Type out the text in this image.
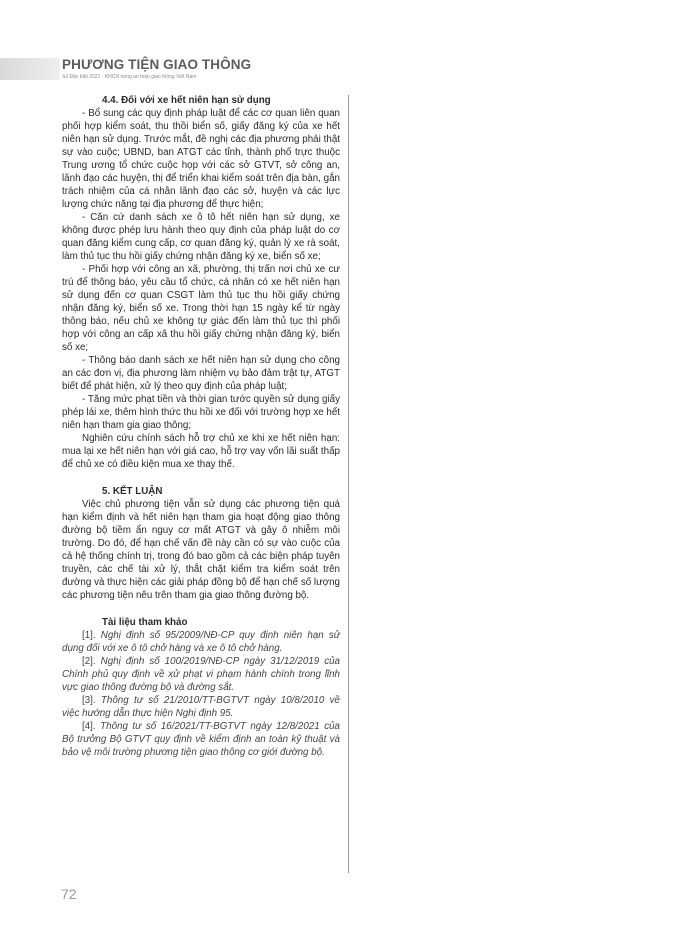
PHƯƠNG TIỆN GIAO THÔNG
Số Đặc biệt 2021 - KHCN trong an toàn giao thông Việt Nam

4.4. Đối với xe hết niên hạn sử dụng

- Bổ sung các quy định pháp luật để các cơ quan liên quan phối hợp kiểm soát, thu thồi biển số, giấy đăng ký của xe hết niên hạn sử dụng. Trước mắt, đề nghị các địa phương phải thật sự vào cuộc; UBND, ban ATGT các tỉnh, thành phố trực thuộc Trung ương tổ chức cuộc họp với các sở GTVT, sở công an, lãnh đạo các huyện, thị để triển khai kiểm soát trên địa bàn, gắn trách nhiệm của cá nhân lãnh đạo các sở, huyện và các lực lượng chức năng tại địa phương để thực hiện;

- Căn cứ danh sách xe ô tô hết niên hạn sử dụng, xe không được phép lưu hành theo quy định của pháp luật do cơ quan đăng kiểm cung cấp, cơ quan đăng ký, quản lý xe rà soát, làm thủ tục thu hồi giấy chứng nhận đăng ký xe, biển số xe;

- Phối hợp với công an xã, phường, thị trấn nơi chủ xe cư trú để thông báo, yêu cầu tổ chức, cá nhân có xe hết niên hạn sử dụng đến cơ quan CSGT làm thủ tục thu hồi giấy chứng nhận đăng ký, biển số xe. Trong thời hạn 15 ngày kể từ ngày thông báo, nếu chủ xe không tự giác đến làm thủ tục thì phối hợp với công an cấp xã thu hồi giấy chứng nhận đăng ký, biển số xe;

- Thông báo danh sách xe hết niên hạn sử dụng cho công an các đơn vị, địa phương làm nhiệm vụ bảo đảm trật tự, ATGT biết để phát hiện, xử lý theo quy định của pháp luật;

- Tăng mức phạt tiền và thời gian tước quyền sử dụng giấy phép lái xe, thêm hình thức thu hồi xe đối với trường hợp xe hết niên hạn tham gia giao thông;

Nghiên cứu chính sách hỗ trợ chủ xe khi xe hết niên hạn: mua lại xe hết niên hạn với giá cao, hỗ trợ vay vốn lãi suất thấp để chủ xe có điều kiện mua xe thay thế.

5. KẾT LUẬN

Việc chủ phương tiện vẫn sử dụng các phương tiện quá hạn kiểm định và hết niên hạn tham gia hoạt động giao thông đường bộ tiềm ẩn nguy cơ mất ATGT và gây ô nhiễm môi trường. Do đó, để hạn chế vấn đề này cần có sự vào cuộc của cả hệ thống chính trị, trong đó bao gồm cả các biện pháp tuyên truyền, các chế tài xử lý, thắt chặt kiểm tra kiểm soát trên đường và thực hiện các giải pháp đồng bộ để hạn chế số lượng các phương tiện nêu trên tham gia giao thông đường bộ.

Tài liệu tham khảo

[1]. Nghị định số 95/2009/NĐ-CP quy định niên hạn sử dụng đối với xe ô tô chở hàng và xe ô tô chở hàng.

[2]. Nghị định số 100/2019/NĐ-CP ngày 31/12/2019 của Chính phủ quy định về xử phạt vi phạm hành chính trong lĩnh vực giao thông đường bộ và đường sắt.

[3]. Thông tư số 21/2010/TT-BGTVT ngày 10/8/2010 về việc hướng dẫn thực hiện Nghị định 95.

[4]. Thông tư số 16/2021/TT-BGTVT ngày 12/8/2021 của Bộ trưởng Bộ GTVT quy định về kiểm định an toàn kỹ thuật và bảo vệ môi trường phương tiện giao thông cơ giới đường bộ.

72
